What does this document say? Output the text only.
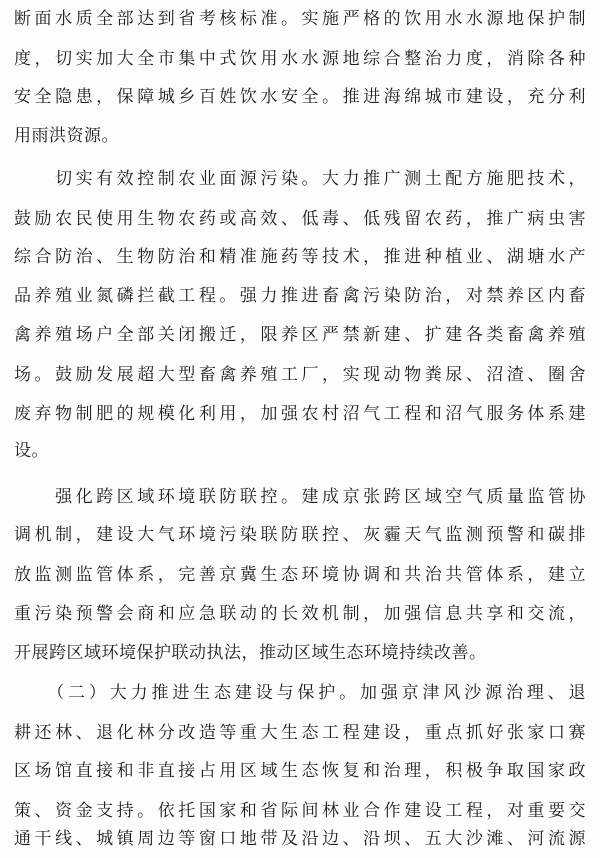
断面水质全部达到省考核标准。实施严格的饮用水水源地保护制
度，切实加大全市集中式饮用水水源地综合整治力度，消除各种
安全隐患，保障城乡百姓饮水安全。推进海绵城市建设，充分利
用雨洪资源。
　　切实有效控制农业面源污染。大力推广测土配方施肥技术，
鼓励农民使用生物农药或高效、低毒、低残留农药，推广病虫害
综合防治、生物防治和精准施药等技术，推进种植业、湖塘水产
品养殖业氮磷拦截工程。强力推进畜禽污染防治，对禁养区内畜
禽养殖场户全部关闭搬迁，限养区严禁新建、扩建各类畜禽养殖
场。鼓励发展超大型畜禽养殖工厂，实现动物粪尿、沼渣、圈舍
废弃物制肥的规模化利用，加强农村沼气工程和沼气服务体系建
设。
　　强化跨区域环境联防联控。建成京张跨区域空气质量监管协
调机制，建设大气环境污染联防联控、灰霾天气监测预警和碳排
放监测监管体系，完善京冀生态环境协调和共治共管体系，建立
重污染预警会商和应急联动的长效机制，加强信息共享和交流，
开展跨区域环境保护联动执法，推动区域生态环境持续改善。
　　（二）大力推进生态建设与保护。加强京津风沙源治理、退
耕还林、退化林分改造等重大生态工程建设，重点抓好张家口赛
区场馆直接和非直接占用区域生态恢复和治理，积极争取国家政
策、资金支持。依托国家和省际间林业合作建设工程，对重要交
通干线、城镇周边等窗口地带及沿边、沿坝、五大沙滩、河流源
